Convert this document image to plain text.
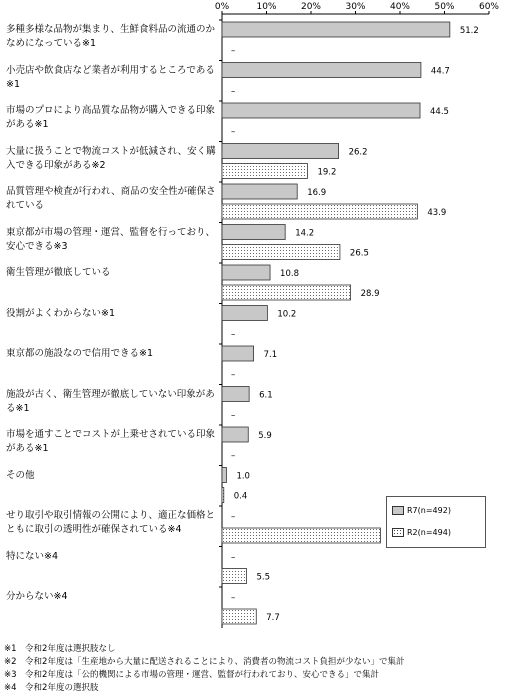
0%	10%	20%	30%	40%	50%	60%
51.2
–
44.7
–
44.5
–
26.2
19.2
16.9
43.9
14.2
26.5
10.8
28.9
10.2
–
7.1
–
6.1
–
5.9
–
1.0
0.4
–
–
5.5
–
7.7
多種多様な品物が集まり、生鮮食料品の流通のかなめになっている※1
小売店や飲食店など業者が利用するところである※1
市場のプロにより高品質な品物が購入できる印象がある※1
大量に扱うことで物流コストが低減され、安く購入できる印象がある※2
品質管理や検査が行われ、商品の安全性が確保されている
東京都が市場の管理・運営、監督を行っており、安心できる※3
衛生管理が徹底している
役割がよくわからない※1
東京都の施設なので信用できる※1
施設が古く、衛生管理が徹底していない印象がある※1
市場を通すことでコストが上乗せされている印象がある※1
その他
せり取引や取引情報の公開により、適正な価格とともに取引の透明性が確保されている※4
特にない※4
分からない※4
R7(n=492)
R2(n=494)
※1　令和2年度は選択肢なし
※2　令和2年度は「生産地から大量に配送されることにより、消費者の物流コスト負担が少ない」で集計
※3　令和2年度は「公的機関による市場の管理・運営、監督が行われており、安心できる」で集計
※4　令和2年度の選択肢
